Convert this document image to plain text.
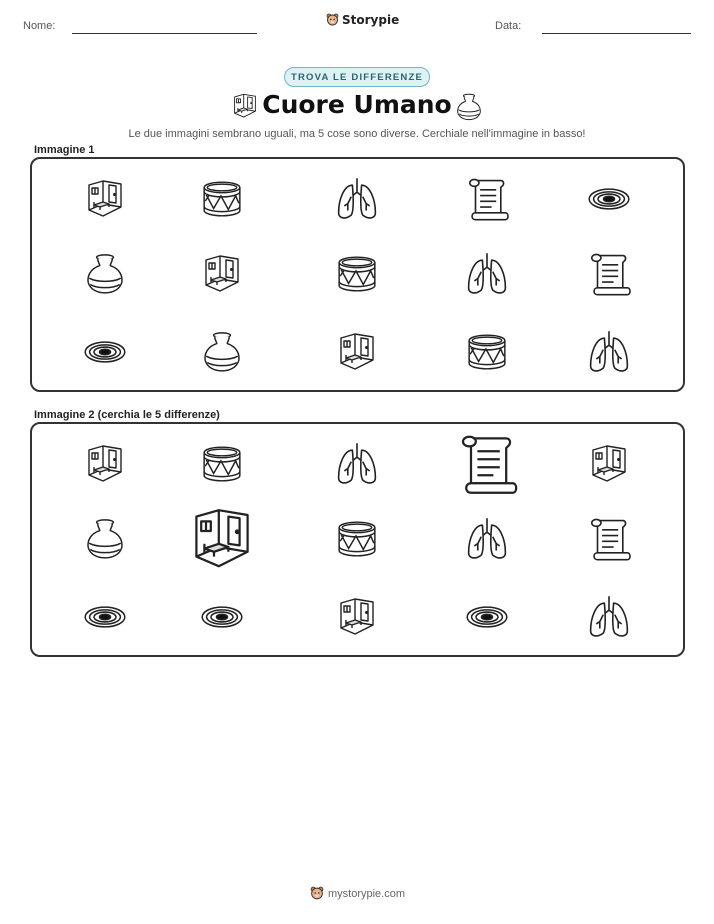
Nome:	Storypie	Data:
TROVA LE DIFFERENZE
Cuore Umano
Le due immagini sembrano uguali, ma 5 cose sono diverse. Cerchiale nell'immagine in basso!
Immagine 1
Immagine 2 (cerchia le 5 differenze)
mystorypie.com
